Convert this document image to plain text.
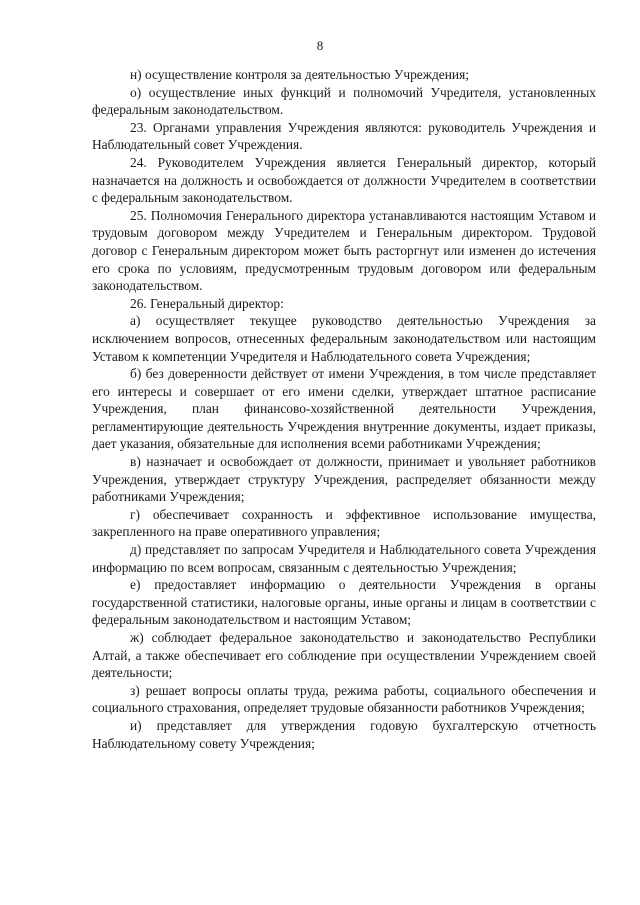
8

н) осуществление контроля за деятельностью Учреждения;

о) осуществление иных функций и полномочий Учредителя, установленных федеральным законодательством.

23. Органами управления Учреждения являются: руководитель Учреждения и Наблюдательный совет Учреждения.

24. Руководителем Учреждения является Генеральный директор, который назначается на должность и освобождается от должности Учредителем в соответствии с федеральным законодательством.

25. Полномочия Генерального директора устанавливаются настоящим Уставом и трудовым договором между Учредителем и Генеральным директором. Трудовой договор с Генеральным директором может быть расторгнут или изменен до истечения его срока по условиям, предусмотренным трудовым договором или федеральным законодательством.

26. Генеральный директор:

а) осуществляет текущее руководство деятельностью Учреждения за исключением вопросов, отнесенных федеральным законодательством или настоящим Уставом к компетенции Учредителя и Наблюдательного совета Учреждения;

б) без доверенности действует от имени Учреждения, в том числе представляет его интересы и совершает от его имени сделки, утверждает штатное расписание Учреждения, план финансово-хозяйственной деятельности Учреждения, регламентирующие деятельность Учреждения внутренние документы, издает приказы, дает указания, обязательные для исполнения всеми работниками Учреждения;

в) назначает и освобождает от должности, принимает и увольняет работников Учреждения, утверждает структуру Учреждения, распределяет обязанности между работниками Учреждения;

г) обеспечивает сохранность и эффективное использование имущества, закрепленного на праве оперативного управления;

д) представляет по запросам Учредителя и Наблюдательного совета Учреждения информацию по всем вопросам, связанным с деятельностью Учреждения;

е) предоставляет информацию о деятельности Учреждения в органы государственной статистики, налоговые органы, иные органы и лицам в соответствии с федеральным законодательством и настоящим Уставом;

ж) соблюдает федеральное законодательство и законодательство Республики Алтай, а также обеспечивает его соблюдение при осуществлении Учреждением своей деятельности;

з) решает вопросы оплаты труда, режима работы, социального обеспечения и социального страхования, определяет трудовые обязанности работников Учреждения;

и) представляет для утверждения годовую бухгалтерскую отчетность Наблюдательному совету Учреждения;
